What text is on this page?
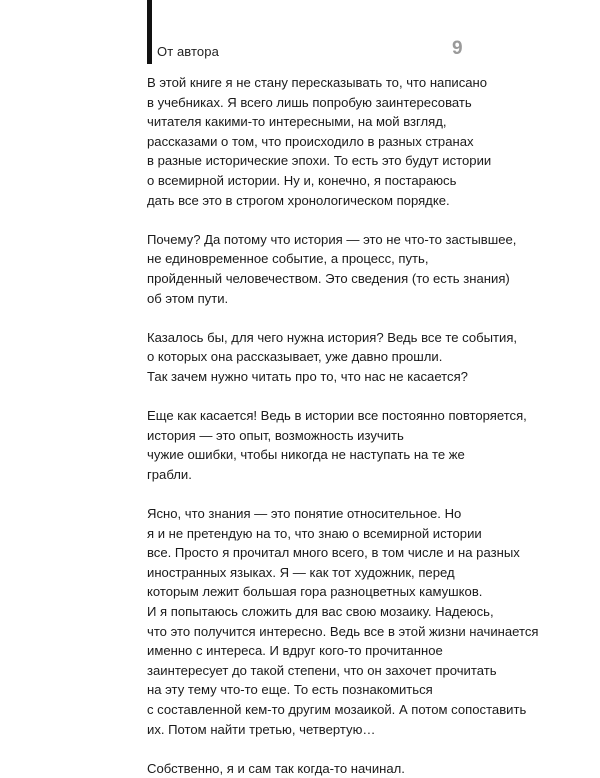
От автора	9
В этой книге я не стану пересказывать то, что написано
в учебниках. Я всего лишь попробую заинтересовать
читателя какими-то интересными, на мой взгляд,
рассказами о том, что происходило в разных странах
в разные исторические эпохи. То есть это будут истории
о всемирной истории. Ну и, конечно, я постараюсь
дать все это в строгом хронологическом порядке.
Почему? Да потому что история — это не что-то застывшее,
не единовременное событие, а процесс, путь,
пройденный человечеством. Это сведения (то есть знания)
об этом пути.
Казалось бы, для чего нужна история? Ведь все те события,
о которых она рассказывает, уже давно прошли.
Так зачем нужно читать про то, что нас не касается?
Еще как касается! Ведь в истории все постоянно повторяется,
история — это опыт, возможность изучить
чужие ошибки, чтобы никогда не наступать на те же
грабли.
Ясно, что знания — это понятие относительное. Но
я и не претендую на то, что знаю о всемирной истории
все. Просто я прочитал много всего, в том числе и на разных
иностранных языках. Я — как тот художник, перед
которым лежит большая гора разноцветных камушков.
И я попытаюсь сложить для вас свою мозаику. Надеюсь,
что это получится интересно. Ведь все в этой жизни начинается
именно с интереса. И вдруг кого-то прочитанное
заинтересует до такой степени, что он захочет прочитать
на эту тему что-то еще. То есть познакомиться
с составленной кем-то другим мозаикой. А потом сопоставить
их. Потом найти третью, четвертую…
Собственно, я и сам так когда-то начинал.
